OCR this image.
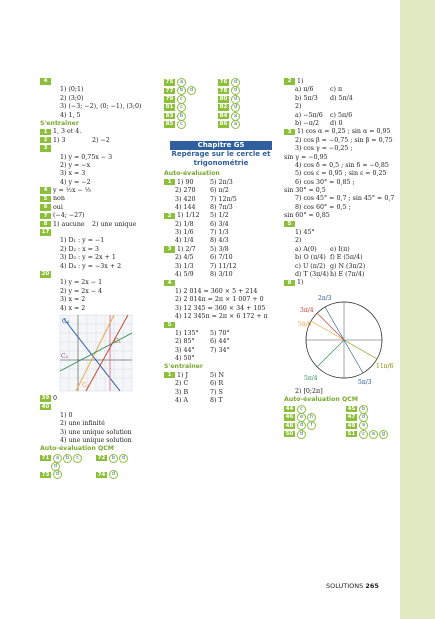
4
1) (0;1)
2) (3;0)
3) (−3; −2), (0; −1), (3;0)
4) 1, 5
S'entraîner
1 1, 3 et 4.
2 1) 3	2) −2
3
1) y = 0,75x − 3
2) y = −x
3) x = 3
4) y = −2
4 y = ½x − ⅓
5 non
6 oui
7 (−4; −27)
8 1) aucune 2) une unique
17
1) D₁ : y = −1
2) D₂ : x = 3
3) D₃ : y = 2x + 1
4) D₄ : y = −3x + 2
20
1) y = 2x − 1
2) y = 2x − 4
3) x = 2
4) x = 2
C₄
C₁
C₃
C₂
39 0
40
1) 0
2) une infinité
3) une unique solution
4) une unique solution
Auto-évaluation QCM
71 a b c	72 b d
d
73 d	74 d
75 a	76 d
77 b d	78 d
79 c	80 d
81 c	82 d
83 b	84 a
85 c	86 a
Chapitre G5
Repérage sur le cercle et
trigonométrie
Auto-évaluation
1 1) 90	5) 2π/3
2) 270 6) π/2
3) 420 7) 12π/5
4) 144 8) 7π/3
2 1) 1/12 5) 1/2
2) 1/8	6) 3/4
3) 1/6	7) 1/3
4) 1/4	8) 4/3
3 1) 2/7 5) 3/8
2) 4/5	6) 7/10
3) 1/3	7) 11/12
4) 5/9	8) 3/10
4
1) 2 014 = 360 × 5 + 214
2) 2 014π = 2π × 1 007 + 0
3) 12 345 = 360 × 34 + 105
4) 12 345π = 2π × 6 172 + π
5
1) 135° 5) 70°
2) 85° 6) 44°
3) 44° 7) 34°
4) 50°
S'entraîner
1 1) J	5) N
2) C	6) R
3) B	7) S
4) A	8) T
2 1)
a) π/6	c) π
b) 5π/3 d) 5π/4
2)
a) −5π/6 c) 5π/6
b) −π/2 d) 0
3 1) cos α ≈ 0,25 ; sin α ≈ 0,95
2) cos β ≈ −0,75 ; sin β ≈ 0,75
3) cos γ ≈ −0,25 ;
sin γ ≈ −0,95
4) cos δ ≈ 0,5 ; sin δ ≈ −0,85
5) cos ε ≈ 0,95 ; sin ε ≈ 0,25
6) cos 30° ≈ 0,85 ;
sin 30° ≈ 0,5
7) cos 45° ≈ 0,7 ; sin 45° ≈ 0,7
8) cos 60° ≈ 0,5 ;
sin 60° ≈ 0,85
5
1) 45°
2)
a) A(0) e) I(π)
b) O (π/4) f) E (5π/4)
c) U (π/2) g) N (3π/2)
d) T (3π/4) h) E (7π/4)
8 1)
2π/3
3π/4
5π/6
11π/6
5π/4
5π/3
2) [0;2π]
Auto-évaluation QCM
44 c	45 b
46 e h	47 d
48 d f	49 a
50 d	51 c e g
SOLUTIONS 265
